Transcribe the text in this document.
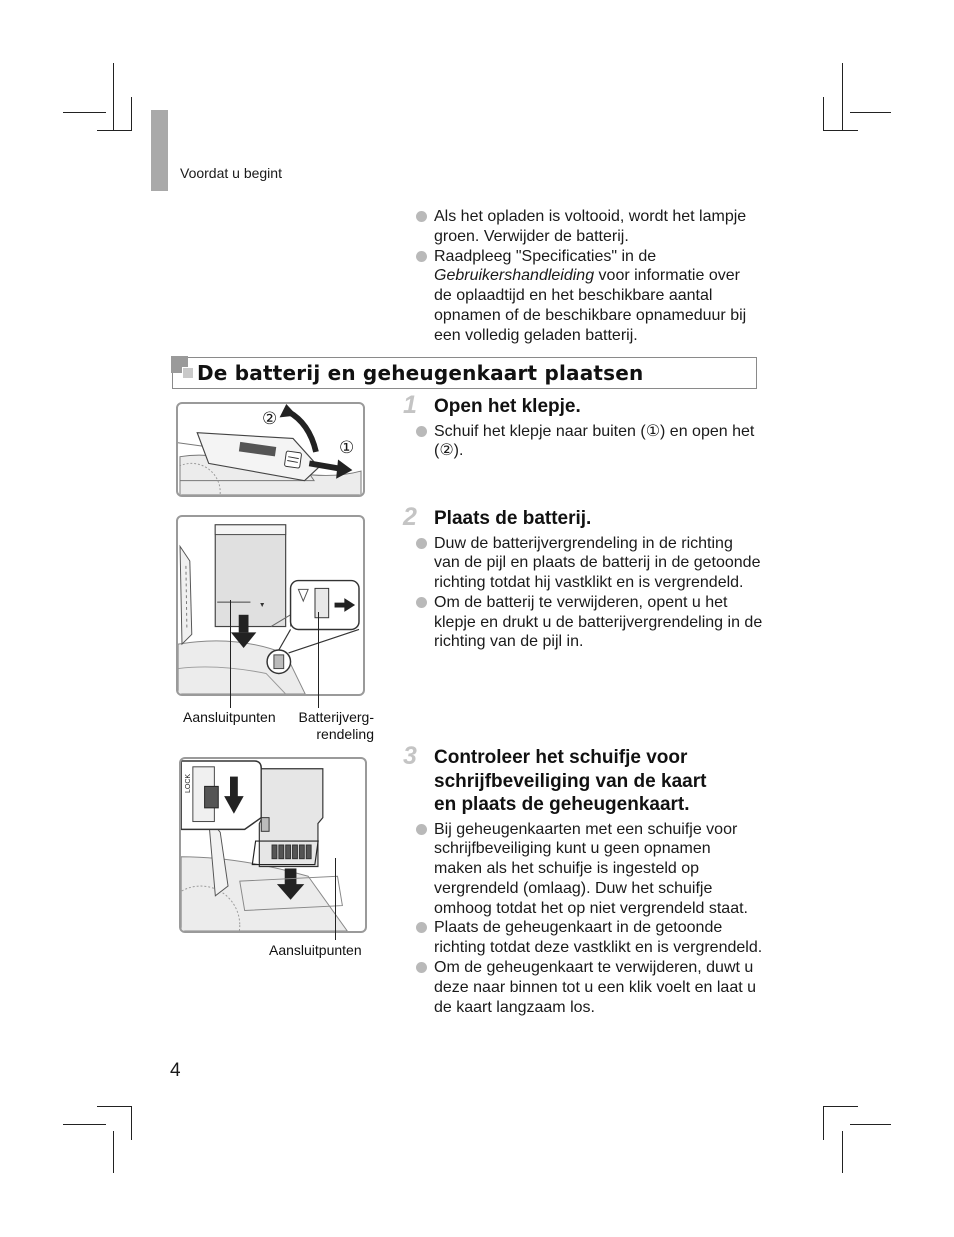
Voordat u begint
Als het opladen is voltooid, wordt het lampje groen. Verwijder de batterij.
Raadpleeg "Specificaties" in de Gebruikershandleiding voor informatie over de oplaadtijd en het beschikbare aantal opnamen of de beschikbare opnameduur bij een volledig geladen batterij.
De batterij en geheugenkaart plaatsen
②
①
Aansluitpunten	Batterijverg-
rendeling
LOCK
Aansluitpunten
1 Open het klepje.
Schuif het klepje naar buiten (①) en open het (②).
2 Plaats de batterij.
Duw de batterijvergrendeling in de richting van de pijl en plaats de batterij in de getoonde richting totdat hij vastklikt en is vergrendeld.
Om de batterij te verwijderen, opent u het klepje en drukt u de batterijvergrendeling in de richting van de pijl in.
3 Controleer het schuifje voor
schrijfbeveiliging van de kaart
en plaats de geheugenkaart.
Bij geheugenkaarten met een schuifje voor schrijfbeveiliging kunt u geen opnamen maken als het schuifje is ingesteld op vergrendeld (omlaag). Duw het schuifje omhoog totdat het op niet vergrendeld staat.
Plaats de geheugenkaart in de getoonde richting totdat deze vastklikt en is vergrendeld.
Om de geheugenkaart te verwijderen, duwt u deze naar binnen tot u een klik voelt en laat u de kaart langzaam los.
4
